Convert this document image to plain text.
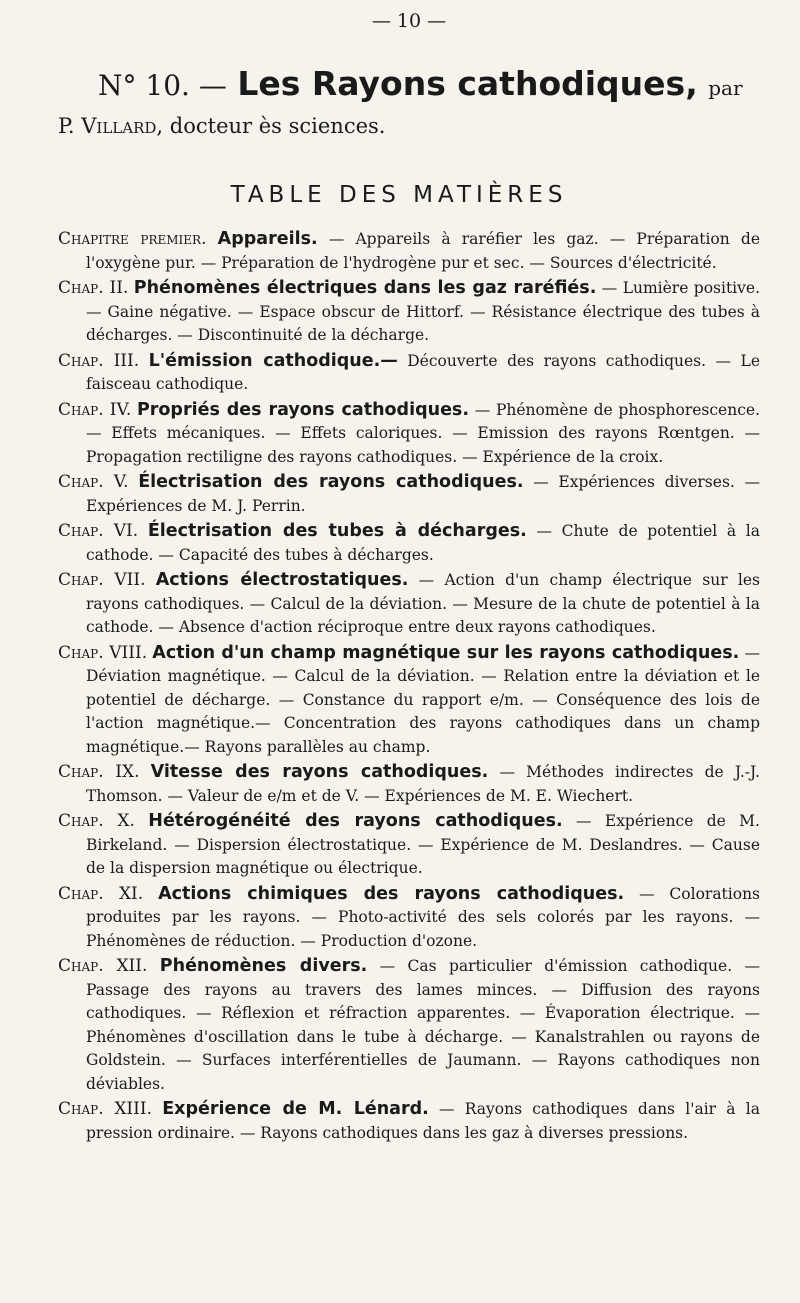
— 10 —
N° 10. — Les Rayons cathodiques, par
P. Villard, docteur ès sciences.
TABLE DES MATIÈRES
Chapitre premier. Appareils. — Appareils à raréfier les gaz. — Préparation de l'oxygène pur. — Préparation de l'hydrogène pur et sec. — Sources d'électricité.
Chap. II. Phénomènes électriques dans les gaz raréfiés. — Lumière positive. — Gaine négative. — Espace obscur de Hittorf. — Résistance électrique des tubes à décharges. — Discontinuité de la décharge.
Chap. III. L'émission cathodique.— Découverte des rayons cathodiques. — Le faisceau cathodique.
Chap. IV. Propriés des rayons cathodiques. — Phénomène de phosphorescence. — Effets mécaniques. — Effets caloriques. — Emission des rayons Rœntgen. — Propagation rectiligne des rayons cathodiques. — Expérience de la croix.
Chap. V. Électrisation des rayons cathodiques. — Expériences diverses. — Expériences de M. J. Perrin.
Chap. VI. Électrisation des tubes à décharges. — Chute de potentiel à la cathode. — Capacité des tubes à décharges.
Chap. VII. Actions électrostatiques. — Action d'un champ électrique sur les rayons cathodiques. — Calcul de la déviation. — Mesure de la chute de potentiel à la cathode. — Absence d'action réciproque entre deux rayons cathodiques.
Chap. VIII. Action d'un champ magnétique sur les rayons cathodiques. — Déviation magnétique. — Calcul de la déviation. — Relation entre la déviation et le potentiel de décharge. — Constance du rapport e/m. — Conséquence des lois de l'action magnétique.— Concentration des rayons cathodiques dans un champ magnétique.— Rayons parallèles au champ.
Chap. IX. Vitesse des rayons cathodiques. — Méthodes indirectes de J.-J. Thomson. — Valeur de e/m et de V. — Expériences de M. E. Wiechert.
Chap. X. Hétérogénéité des rayons cathodiques. — Expérience de M. Birkeland. — Dispersion électrostatique. — Expérience de M. Deslandres. — Cause de la dispersion magnétique ou électrique.
Chap. XI. Actions chimiques des rayons cathodiques. — Colorations produites par les rayons. — Photo-activité des sels colorés par les rayons. — Phénomènes de réduction. — Production d'ozone.
Chap. XII. Phénomènes divers. — Cas particulier d'émission cathodique. — Passage des rayons au travers des lames minces. — Diffusion des rayons cathodiques. — Réflexion et réfraction apparentes. — Évaporation électrique. — Phénomènes d'oscillation dans le tube à décharge. — Kanalstrahlen ou rayons de Goldstein. — Surfaces interférentielles de Jaumann. — Rayons cathodiques non déviables.
Chap. XIII. Expérience de M. Lénard. — Rayons cathodiques dans l'air à la pression ordinaire. — Rayons cathodiques dans les gaz à diverses pressions.
